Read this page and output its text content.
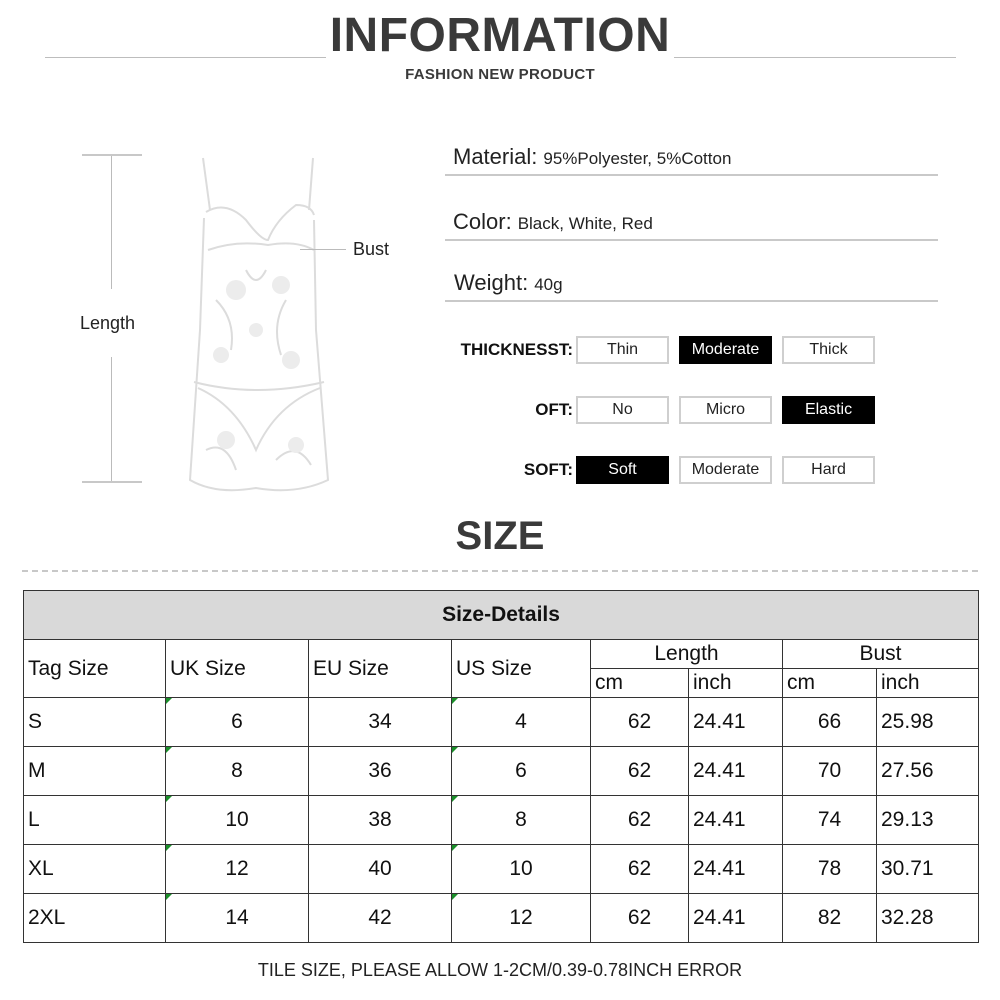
INFORMATION
FASHION NEW PRODUCT
Length
Bust
Material: 95%Polyester, 5%Cotton
Color: Black, White, Red
Weight: 40g
THICKNESST:	Thin	Moderate	Thick
OFT:	No	Micro	Elastic
SOFT:	Soft	Moderate	Hard
SIZE
Size-Details							
Tag Size	UK Size	EU Size	US Size	Length		Bust	
				cm	inch	cm	inch
S	6	34	4	62	24.41	66	25.98
M	8	36	6	62	24.41	70	27.56
L	10	38	8	62	24.41	74	29.13
XL	12	40	10	62	24.41	78	30.71
2XL	14	42	12	62	24.41	82	32.28
TILE SIZE, PLEASE ALLOW 1-2CM/0.39-0.78INCH ERROR
